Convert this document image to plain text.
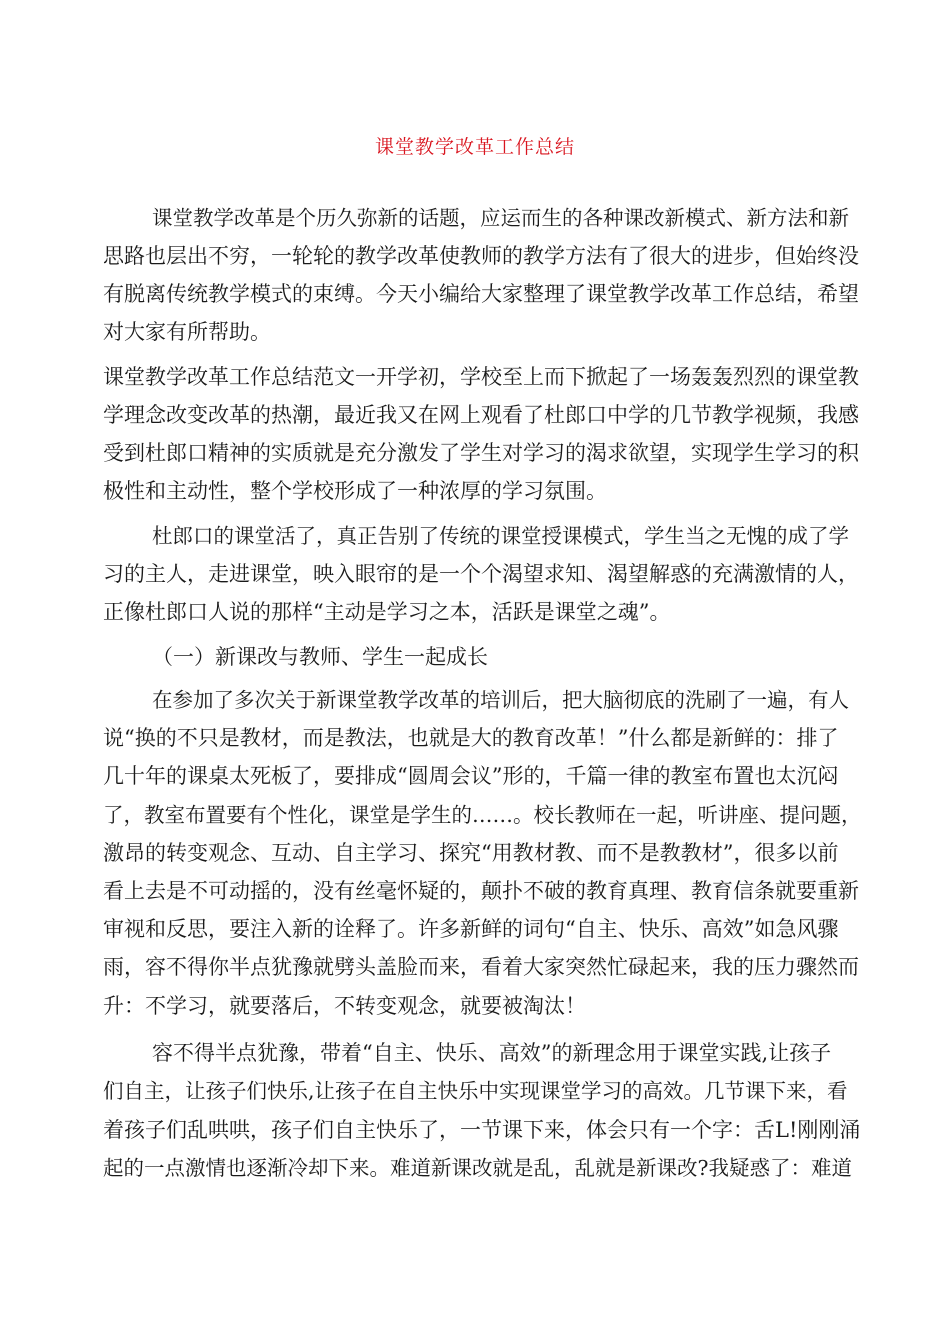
课堂教学改革工作总结

课堂教学改革是个历久弥新的话题，应运而生的各种课改新模式、新方法和新

思路也层出不穷，一轮轮的教学改革使教师的教学方法有了很大的进步，但始终没

有脱离传统教学模式的束缚。今天小编给大家整理了课堂教学改革工作总结，希望

对大家有所帮助。

课堂教学改革工作总结范文一开学初，学校至上而下掀起了一场轰轰烈烈的课堂教

学理念改变改革的热潮，最近我又在网上观看了杜郎口中学的几节教学视频，我感

受到杜郎口精神的实质就是充分激发了学生对学习的渴求欲望，实现学生学习的积

极性和主动性，整个学校形成了一种浓厚的学习氛围。

杜郎口的课堂活了，真正告别了传统的课堂授课模式，学生当之无愧的成了学

习的主人，走进课堂，映入眼帘的是一个个渴望求知、渴望解惑的充满激情的人，

正像杜郎口人说的那样“主动是学习之本，活跃是课堂之魂”。

（一）新课改与教师、学生一起成长

在参加了多次关于新课堂教学改革的培训后，把大脑彻底的洗刷了一遍，有人

说“换的不只是教材，而是教法，也就是大的教育改革！”什么都是新鲜的：排了

几十年的课桌太死板了，要排成“圆周会议”形的，千篇一律的教室布置也太沉闷

了，教室布置要有个性化，课堂是学生的……。校长教师在一起，听讲座、提问题，

激昂的转变观念、互动、自主学习、探究“用教材教、而不是教教材”，很多以前

看上去是不可动摇的，没有丝毫怀疑的，颠扑不破的教育真理、教育信条就要重新

审视和反思，要注入新的诠释了。许多新鲜的词句“自主、快乐、高效”如急风骤

雨，容不得你半点犹豫就劈头盖脸而来，看着大家突然忙碌起来，我的压力骤然而

升：不学习，就要落后，不转变观念，就要被淘汰！

容不得半点犹豫，带着“自主、快乐、高效”的新理念用于课堂实践,让孩子

们自主，让孩子们快乐,让孩子在自主快乐中实现课堂学习的高效。几节课下来，看

着孩子们乱哄哄，孩子们自主快乐了，一节课下来，体会只有一个字：舌L!刚刚涌

起的一点激情也逐渐冷却下来。难道新课改就是乱，乱就是新课改?我疑惑了：难道
